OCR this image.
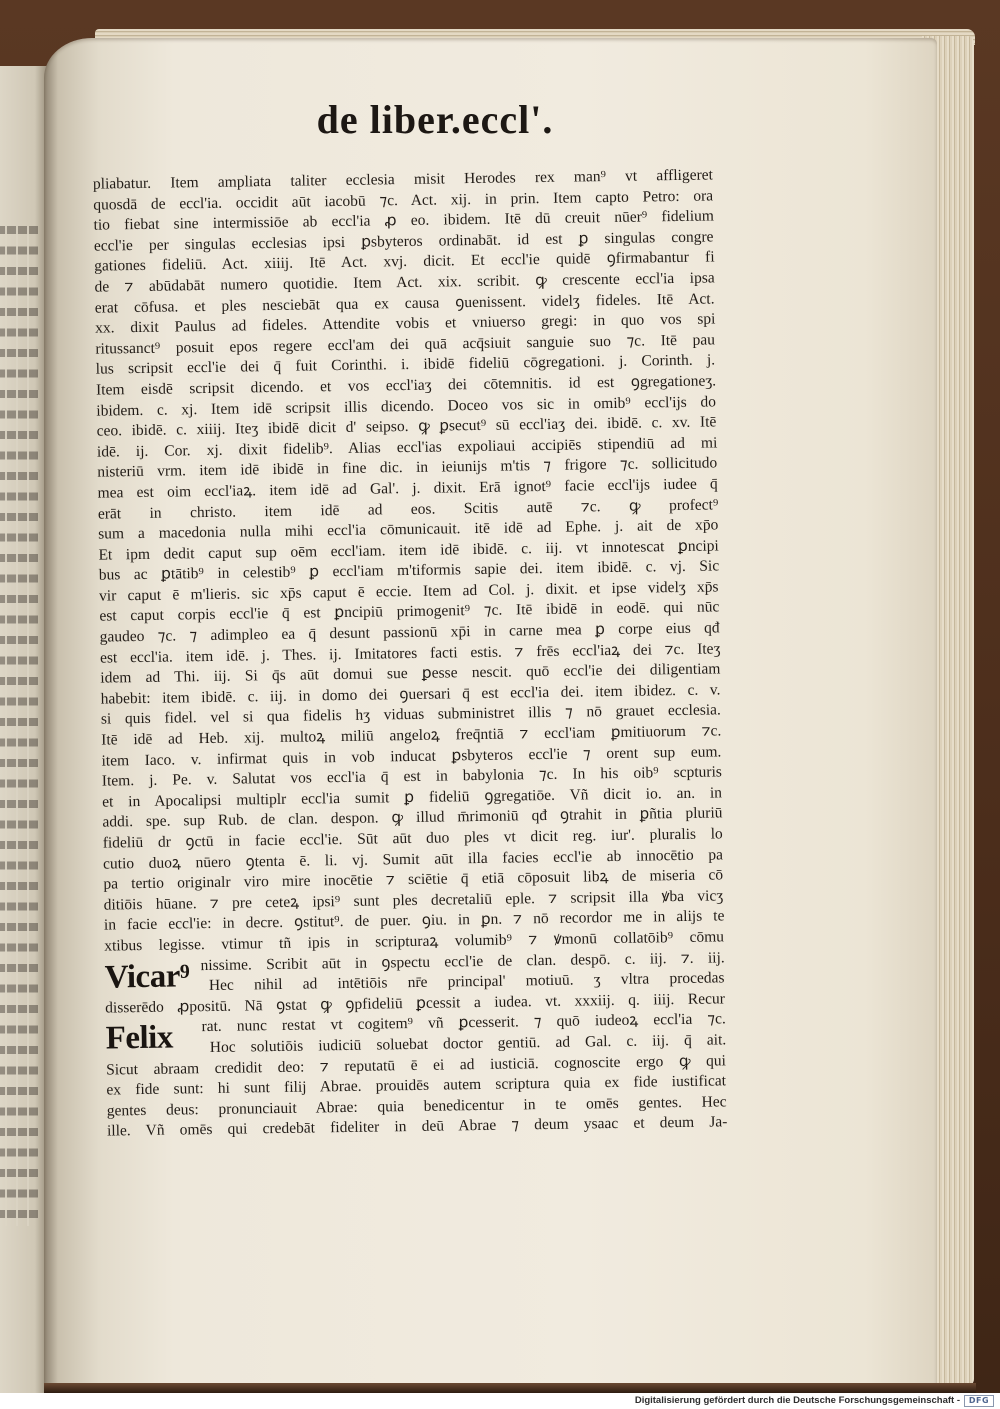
de liber.eccl'.
pliabatur. Item ampliata taliter ecclesia misit Herodes rex man⁹ vt affligeret
quosdā de eccl'ia. occidit aūt iacobū ⁊c. Act. xij. in prin. Item capto Petro: ora
tio fiebat sine intermissiōe ab eccl'ia ꝓ eo. ibidem. Itē dū creuit nūer⁹ fidelium
eccl'ie per singulas ecclesias ipsi ꝑsbyteros ordinabāt. id est ꝑ singulas congre
gationes fideliū. Act. xiiij. Itē Act. xvj. dicit. Et eccl'ie quidē ꝯfirmabantur fi
de ⁊ abūdabāt numero quotidie. Item Act. xix. scribit. ꝙ crescente eccl'ia ipsa
erat cōfusa. et ples nesciebāt qua ex causa ꝯuenissent. videlʒ fideles. Itē Act.
xx. dixit Paulus ad fideles. Attendite vobis et vniuerso gregi: in quo vos spi
ritussanct⁹ posuit epos regere eccl'am dei quā acq̄siuit sanguie suo ⁊c. Itē pau
lus scripsit eccl'ie dei q̄ fuit Corinthi. i. ibidē fideliū cōgregationi. j. Corinth. j.
Item eisdē scripsit dicendo. et vos eccl'iaʒ dei cōtemnitis. id est ꝯgregationeʒ.
ibidem. c. xj. Item idē scripsit illis dicendo. Doceo vos sic in omib⁹ eccl'ijs do
ceo. ibidē. c. xiiij. Iteʒ ibidē dicit d' seipso. ꝙ ꝑsecut⁹ sū eccl'iaʒ dei. ibidē. c. xv. Itē
idē. ij. Cor. xj. dixit fidelib⁹. Alias eccl'ias expoliaui accipiēs stipendiū ad mi
nisteriū vrm. item idē ibidē in fine dic. in ieiunijs m'tis ⁊ frigore ⁊c. sollicitudo
mea est oim eccl'iaꝝ. item idē ad Gal'. j. dixit. Erā ignot⁹ facie eccl'ijs iudee q̄
erāt in christo. item idē ad eos. Scitis autē ⁊c. ꝙ profect⁹
sum a macedonia nulla mihi eccl'ia cōmunicauit. itē idē ad Ephe. j. ait de xp̄o
Et ipm dedit caput sup oēm eccl'iam. item idē ibidē. c. iij. vt innotescat ꝑncipi
bus ac ꝑtātib⁹ in celestib⁹ ꝑ eccl'iam m'tiformis sapie dei. item ibidē. c. vj. Sic
vir caput ē m'lieris. sic xp̄s caput ē eccie. Item ad Col. j. dixit. et ipse videlʒ xp̄s
est caput corpis eccl'ie q̄ est ꝑncipiū primogenit⁹ ⁊c. Itē ibidē in eodē. qui nūc
gaudeo ⁊c. ⁊ adimpleo ea q̄ desunt passionū xp̄i in carne mea ꝑ corpe eius qđ
est eccl'ia. item idē. j. Thes. ij. Imitatores facti estis. ⁊ frēs eccl'iaꝝ dei ⁊c. Iteʒ
idem ad Thi. iij. Si q̄s aūt domui sue ꝑesse nescit. quō eccl'ie dei diligentiam
habebit: item ibidē. c. iij. in domo dei ꝯuersari q̄ est eccl'ia dei. item ibidez. c. v.
si quis fidel. vel si qua fidelis hʒ viduas subministret illis ⁊ nō grauet ecclesia.
Itē idē ad Heb. xij. multoꝝ miliū angeloꝝ freq̄ntiā ⁊ eccl'iam ꝑmitiuorum ⁊c.
item Iaco. v. infirmat quis in vob inducat ꝑsbyteros eccl'ie ⁊ orent sup eum.
Item. j. Pe. v. Salutat vos eccl'ia q̄ est in babylonia ⁊c. In his oib⁹ scpturis
et in Apocalipsi multiplr eccl'ia sumit ꝑ fideliū ꝯgregatiōe. Vñ dicit io. an. in
addi. spe. sup Rub. de clan. despon. ꝙ illud m̄rimoniū qđ ꝯtrahit in ꝑñtia pluriū
fideliū dr ꝯctū in facie eccl'ie. Sūt aūt duo ples vt dicit reg. iur'. pluralis lo
cutio duoꝝ nūero ꝯtenta ē. li. vj. Sumit aūt illa facies eccl'ie ab innocētio pa
pa tertio originalr viro mire inocētie ⁊ sciētie q̄ etiā cōposuit libꝝ de miseria cō
ditiōis hūane. ⁊ pre ceteꝝ ipsi⁹ sunt ples decretaliū eple. ⁊ scripsit illa ꝟba vicʒ
in facie eccl'ie: in decre. ꝯstitut⁹. de puer. ꝯiu. in ꝑn. ⁊ nō recordor me in alijs te
xtibus legisse. vtimur tñ ipis in scripturaꝝ volumib⁹ ⁊ ꝟmonū collatōib⁹ cōmu
Vicar⁹ nissime. Scribit aūt in ꝯspectu eccl'ie de clan. despō. c. iij. ⁊. iij.
Hec nihil ad intētiōis nr̄e principal' motiuū. ʒ vltra procedas
disserēdo ꝓpositū. Nā ꝯstat ꝙ ꝯpfideliū ꝑcessit a iudea. vt. xxxiij. q. iiij. Recur
Felix rat. nunc restat vt cogitem⁹ vñ ꝑcesserit. ⁊ quō iudeoꝝ eccl'ia ⁊c.
Hoc solutiōis iudiciū soluebat doctor gentiū. ad Gal. c. iij. q̄ ait.
Sicut abraam credidit deo: ⁊ reputatū ē ei ad iusticiā. cognoscite ergo ꝙ qui
ex fide sunt: hi sunt filij Abrae. prouidēs autem scriptura quia ex fide iustificat
gentes deus: pronunciauit Abrae: quia benedicentur in te omēs gentes. Hec
ille. Vñ omēs qui credebāt fideliter in deū Abrae ⁊ deum ysaac et deum Ja-
Digitalisierung gefördert durch die Deutsche Forschungsgemeinschaft -	DFG
